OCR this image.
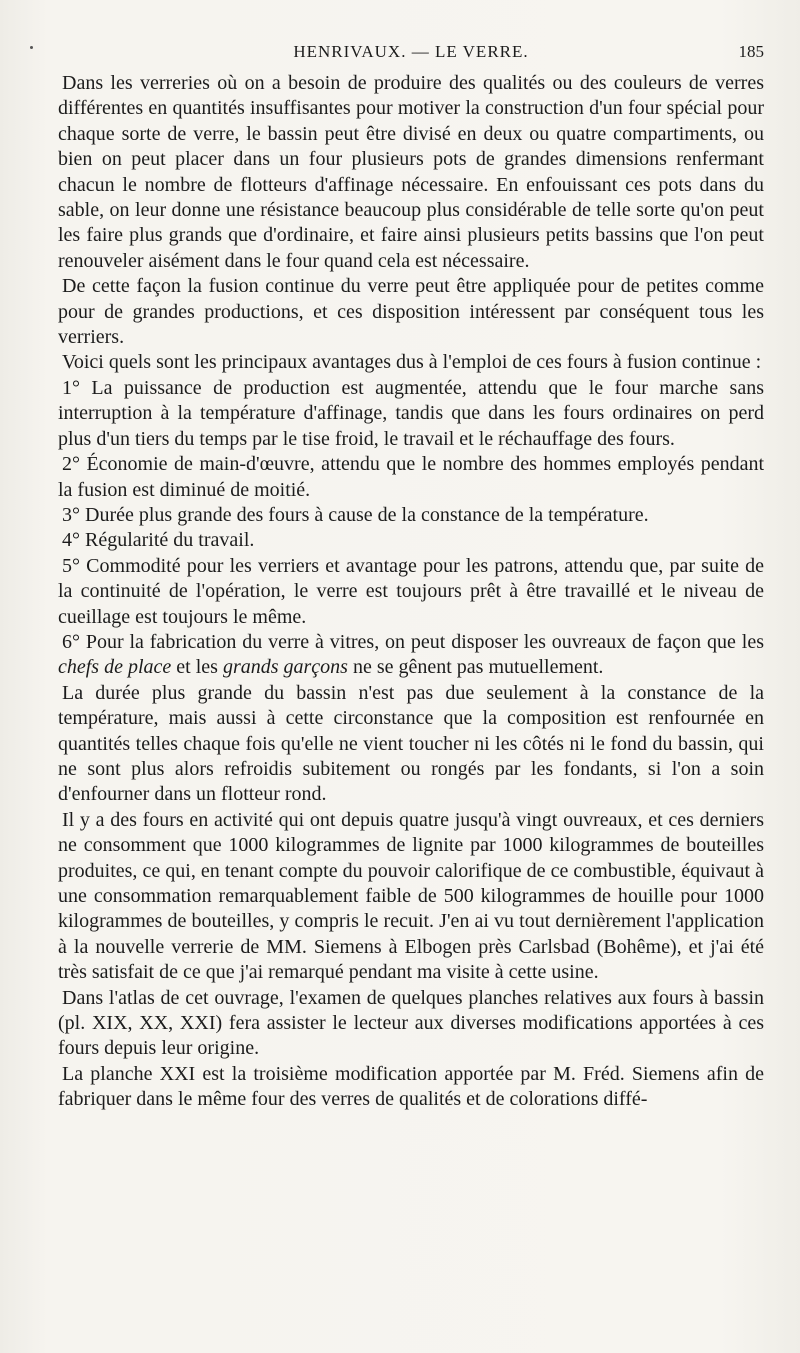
HENRIVAUX. — LE VERRE.	185

Dans les verreries où on a besoin de produire des qualités ou des couleurs de verres différentes en quantités insuffisantes pour motiver la construction d'un four spécial pour chaque sorte de verre, le bassin peut être divisé en deux ou quatre compartiments, ou bien on peut placer dans un four plusieurs pots de grandes dimensions renfermant chacun le nombre de flotteurs d'affinage nécessaire. En enfouissant ces pots dans du sable, on leur donne une résistance beaucoup plus considérable de telle sorte qu'on peut les faire plus grands que d'ordinaire, et faire ainsi plusieurs petits bassins que l'on peut renouveler aisément dans le four quand cela est nécessaire.

De cette façon la fusion continue du verre peut être appliquée pour de petites comme pour de grandes productions, et ces disposition intéressent par conséquent tous les verriers.

Voici quels sont les principaux avantages dus à l'emploi de ces fours à fusion continue :

1° La puissance de production est augmentée, attendu que le four marche sans interruption à la température d'affinage, tandis que dans les fours ordinaires on perd plus d'un tiers du temps par le tise froid, le travail et le réchauffage des fours.

2° Économie de main-d'œuvre, attendu que le nombre des hommes employés pendant la fusion est diminué de moitié.

3° Durée plus grande des fours à cause de la constance de la température.

4° Régularité du travail.

5° Commodité pour les verriers et avantage pour les patrons, attendu que, par suite de la continuité de l'opération, le verre est toujours prêt à être travaillé et le niveau de cueillage est toujours le même.

6° Pour la fabrication du verre à vitres, on peut disposer les ouvreaux de façon que les chefs de place et les grands garçons ne se gênent pas mutuellement.

La durée plus grande du bassin n'est pas due seulement à la constance de la température, mais aussi à cette circonstance que la composition est renfournée en quantités telles chaque fois qu'elle ne vient toucher ni les côtés ni le fond du bassin, qui ne sont plus alors refroidis subitement ou rongés par les fondants, si l'on a soin d'enfourner dans un flotteur rond.

Il y a des fours en activité qui ont depuis quatre jusqu'à vingt ouvreaux, et ces derniers ne consomment que 1000 kilogrammes de lignite par 1000 kilogrammes de bouteilles produites, ce qui, en tenant compte du pouvoir calorifique de ce combustible, équivaut à une consommation remarquablement faible de 500 kilogrammes de houille pour 1000 kilogrammes de bouteilles, y compris le recuit. J'en ai vu tout dernièrement l'application à la nouvelle verrerie de MM. Siemens à Elbogen près Carlsbad (Bohême), et j'ai été très satisfait de ce que j'ai remarqué pendant ma visite à cette usine.

Dans l'atlas de cet ouvrage, l'examen de quelques planches relatives aux fours à bassin (pl. XIX, XX, XXI) fera assister le lecteur aux diverses modifications apportées à ces fours depuis leur origine.

La planche XXI est la troisième modification apportée par M. Fréd. Siemens afin de fabriquer dans le même four des verres de qualités et de colorations diffé-
